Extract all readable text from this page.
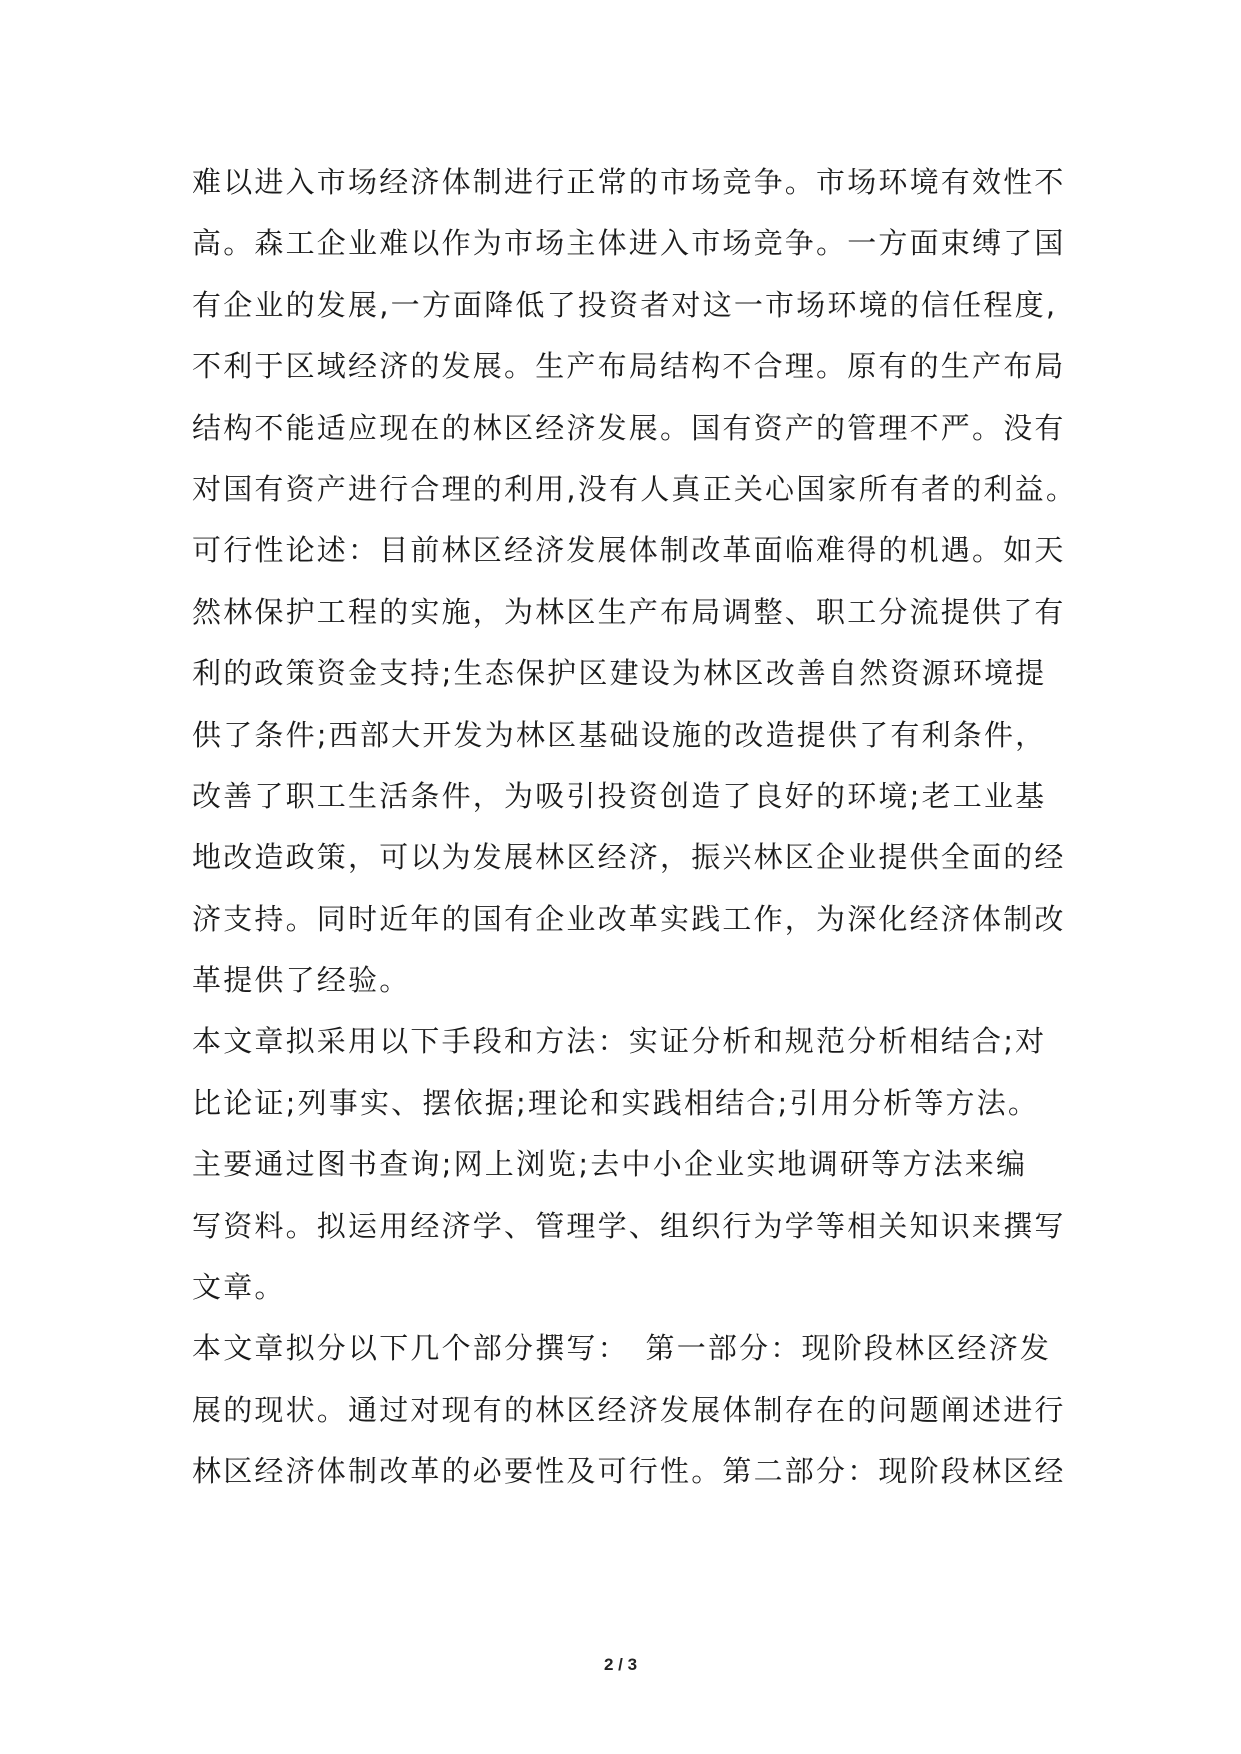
难以进入市场经济体制进行正常的市场竞争。市场环境有效性不
高。森工企业难以作为市场主体进入市场竞争。一方面束缚了国
有企业的发展,一方面降低了投资者对这一市场环境的信任程度,
不利于区域经济的发展。生产布局结构不合理。原有的生产布局
结构不能适应现在的林区经济发展。国有资产的管理不严。没有
对国有资产进行合理的利用,没有人真正关心国家所有者的利益。
可行性论述：目前林区经济发展体制改革面临难得的机遇。如天
然林保护工程的实施，为林区生产布局调整、职工分流提供了有
利的政策资金支持;生态保护区建设为林区改善自然资源环境提
供了条件;西部大开发为林区基础设施的改造提供了有利条件，
改善了职工生活条件，为吸引投资创造了良好的环境;老工业基
地改造政策，可以为发展林区经济，振兴林区企业提供全面的经
济支持。同时近年的国有企业改革实践工作，为深化经济体制改
革提供了经验。
本文章拟采用以下手段和方法：实证分析和规范分析相结合;对
比论证;列事实、摆依据;理论和实践相结合;引用分析等方法。
主要通过图书查询;网上浏览;去中小企业实地调研等方法来编
写资料。拟运用经济学、管理学、组织行为学等相关知识来撰写
文章。
本文章拟分以下几个部分撰写：　第一部分：现阶段林区经济发
展的现状。通过对现有的林区经济发展体制存在的问题阐述进行
林区经济体制改革的必要性及可行性。第二部分：现阶段林区经
2 / 3
